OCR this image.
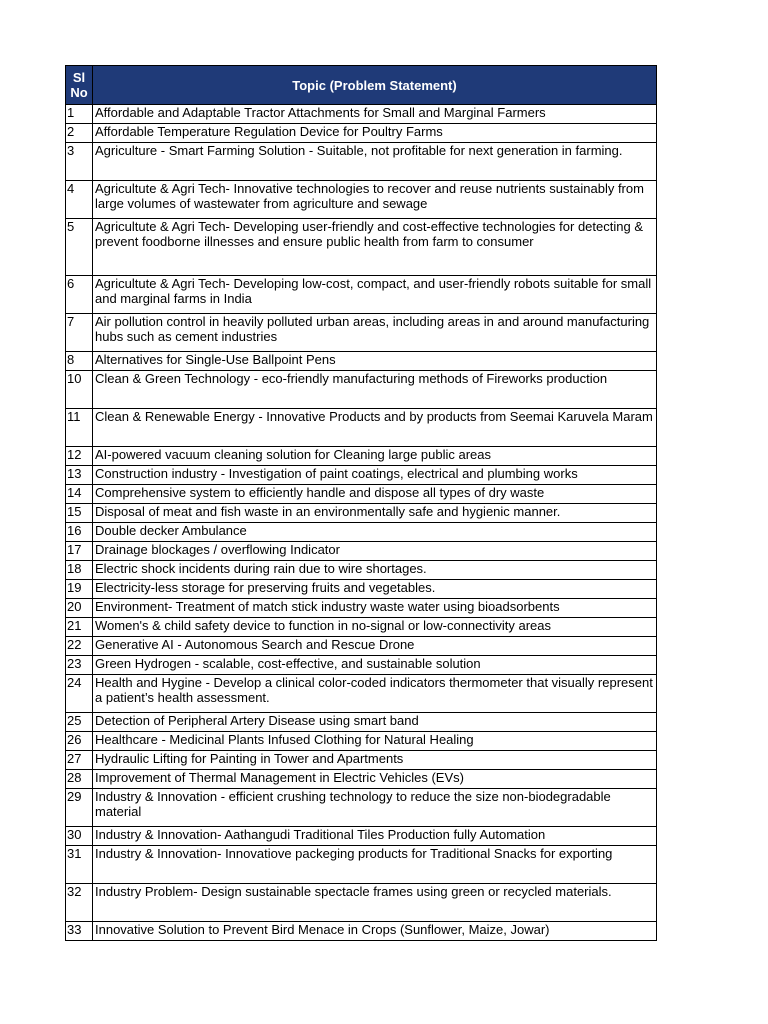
Sl No	Topic (Problem Statement)
1	Affordable and Adaptable Tractor Attachments for Small and Marginal Farmers
2	Affordable Temperature Regulation Device for Poultry Farms
3	Agriculture - Smart Farming Solution - Suitable, not profitable for next generation in farming.
4	Agricultute & Agri Tech- Innovative technologies to recover and reuse nutrients sustainably from large volumes of wastewater from agriculture and sewage
5	Agricultute & Agri Tech- Developing user-friendly and cost-effective technologies for detecting & prevent foodborne illnesses and ensure public health from farm to consumer
6	Agricultute & Agri Tech- Developing low-cost, compact, and user-friendly robots suitable for small and marginal farms in India
7	Air pollution control in heavily polluted urban areas, including areas in and around manufacturing hubs such as cement industries
8	Alternatives for Single-Use Ballpoint Pens
10	Clean & Green Technology - eco-friendly manufacturing methods of Fireworks production
11	Clean & Renewable Energy - Innovative Products and by products from Seemai Karuvela Maram
12	AI-powered vacuum cleaning solution for Cleaning large public areas
13	Construction industry - Investigation of paint coatings, electrical and plumbing works
14	Comprehensive system to efficiently handle and dispose all types of dry waste
15	Disposal of meat and fish waste in an environmentally safe and hygienic manner.
16	Double decker Ambulance
17	Drainage blockages / overflowing Indicator
18	Electric shock incidents during rain due to wire shortages.
19	Electricity-less storage for preserving fruits and vegetables.
20	Environment- Treatment of match stick industry waste water using bioadsorbents
21	Women's & child safety device to function in no-signal or low-connectivity areas
22	Generative AI - Autonomous Search and Rescue Drone
23	Green Hydrogen - scalable, cost-effective, and sustainable solution
24	Health and Hygine - Develop a clinical color-coded indicators thermometer that visually represent a patient’s health assessment.
25	Detection of Peripheral Artery Disease using smart band
26	Healthcare - Medicinal Plants Infused Clothing for Natural Healing
27	Hydraulic Lifting for Painting in Tower and Apartments
28	Improvement of Thermal Management in Electric Vehicles (EVs)
29	Industry & Innovation - efficient crushing technology to reduce the size non-biodegradable material
30	Industry & Innovation- Aathangudi Traditional Tiles Production fully Automation
31	Industry & Innovation- Innovatiove packeging products for Traditional Snacks for exporting
32	Industry Problem- Design sustainable spectacle frames using green or recycled materials.
33	Innovative Solution to Prevent Bird Menace in Crops (Sunflower, Maize, Jowar)
